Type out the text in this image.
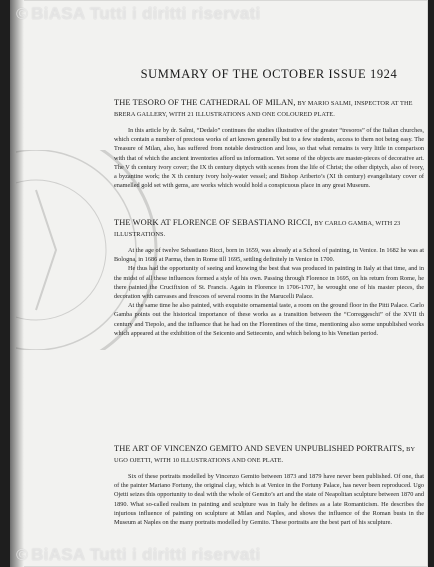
© BiASA Tutti i diritti riservati
© BiASA Tutti i diritti riservati
SUMMARY OF THE OCTOBER ISSUE 1924

THE TESORO OF THE CATHEDRAL OF MILAN, BY MARIO SALMI, INSPECTOR AT THE BRERA GALLERY, WITH 21 ILLUSTRATIONS AND ONE COLOURED PLATE.

In this article by dr. Salmi, “Dedalo” continues the studies illustrative of the greater “tresoros” of the Italian churches, which contain a number of precious works of art known generally but to a few students, access to them not being easy. The Treasure of Milan, also, has suffered from notable destruction and loss, so that what remains is very little in comparison with that of which the ancient inventories afford us information. Yet some of the objects are master-pieces of decorative art. The V th century ivory cover; the IX th century diptych with scenes from the life of Christ; the other diptych, also of ivory, a byzantine work; the X th century ivory holy-water vessel; and Bishop Ariberto’s (XI th century) evangelistary cover of enamelled gold set with gems, are works which would hold a conspicuous place in any great Museum.

THE WORK AT FLORENCE OF SEBASTIANO RICCI, BY CARLO GAMBA, WITH 23 ILLUSTRATIONS.

At the age of twelve Sebastiano Ricci, born in 1659, was already at a School of painting, in Venice. In 1682 he was at Bologna, in 1686 at Parma, then in Rome till 1695, settling definitely in Venice in 1700.

He thus had the opportunity of seeing and knowing the best that was produced in painting in Italy at that time, and in the midst of all these influences formed a style of his own. Passing through Florence in 1695, on his return from Rome, he there painted the Crucifixion of St. Francis. Again in Florence in 1706-1707, he wrought one of his master pieces, the decoration with canvases and frescoes of several rooms in the Marucelli Palace.

At the same time he also painted, with exquisite ornamental taste, a room on the ground floor in the Pitti Palace. Carlo Gamba points out the historical importance of these works as a transition between the “Correggeschi” of the XVII th century and Tiepolo, and the influence that he had on the Florentines of the time, mentioning also some unpublished works which appeared at the exhibition of the Seicento and Settecento, and which belong to his Venetian period.

THE ART OF VINCENZO GEMITO AND SEVEN UNPUBLISHED PORTRAITS, BY UGO OJETTI, WITH 10 ILLUSTRATIONS AND ONE PLATE.

Six of these portraits modelled by Vincenzo Gemito between 1873 and 1879 have never been published. Of one, that of the painter Mariano Fortuny, the original clay, which is at Venice in the Fortuny Palace, has never been reproduced. Ugo Ojetti seizes this opportunity to deal with the whole of Gemito’s art and the state of Neapolitan sculpture between 1870 and 1890. What so-called realism in painting and sculpture was in Italy he defines as a late Romanticism. He describes the injurious influence of painting on sculpture at Milan and Naples, and shows the influence of the Roman busts in the Museum at Naples on the many portraits modelled by Gemito. These portraits are the best part of his sculpture.
